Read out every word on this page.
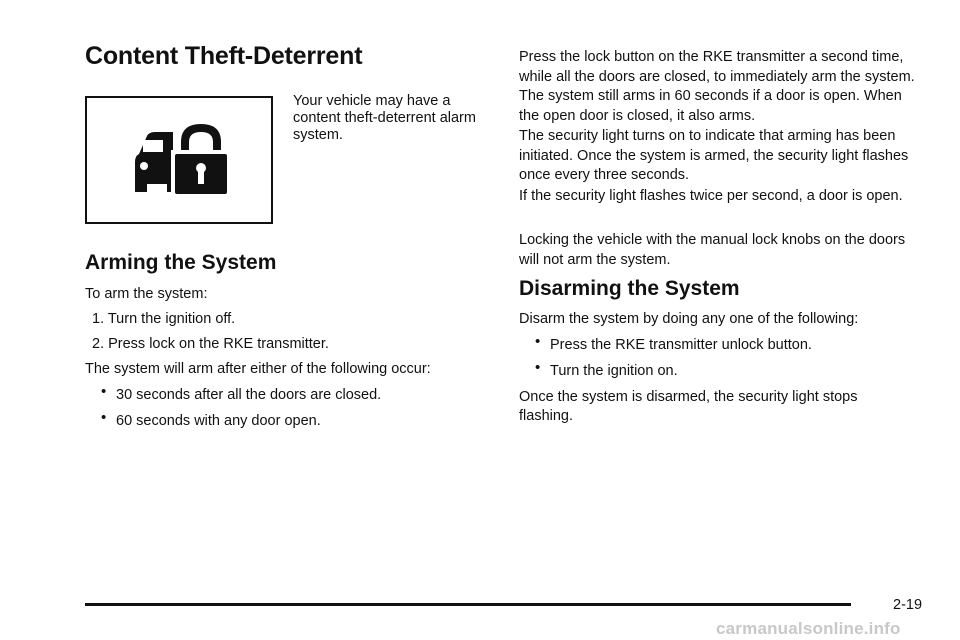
Content Theft-Deterrent

Your vehicle may have a content theft-deterrent alarm system.

Arming the System

To arm the system:

1. Turn the ignition off.

2. Press lock on the RKE transmitter.

The system will arm after either of the following occur:

• 30 seconds after all the doors are closed.
• 60 seconds with any door open.

Press the lock button on the RKE transmitter a second time, while all the doors are closed, to immediately arm the system. The system still arms in 60 seconds if a door is open. When the open door is closed, it also arms.

The security light turns on to indicate that arming has been initiated. Once the system is armed, the security light flashes once every three seconds.

If the security light flashes twice per second, a door is open.

Locking the vehicle with the manual lock knobs on the doors will not arm the system.

Disarming the System

Disarm the system by doing any one of the following:

• Press the RKE transmitter unlock button.
• Turn the ignition on.

Once the system is disarmed, the security light stops flashing.

2-19
carmanualsonline.info
